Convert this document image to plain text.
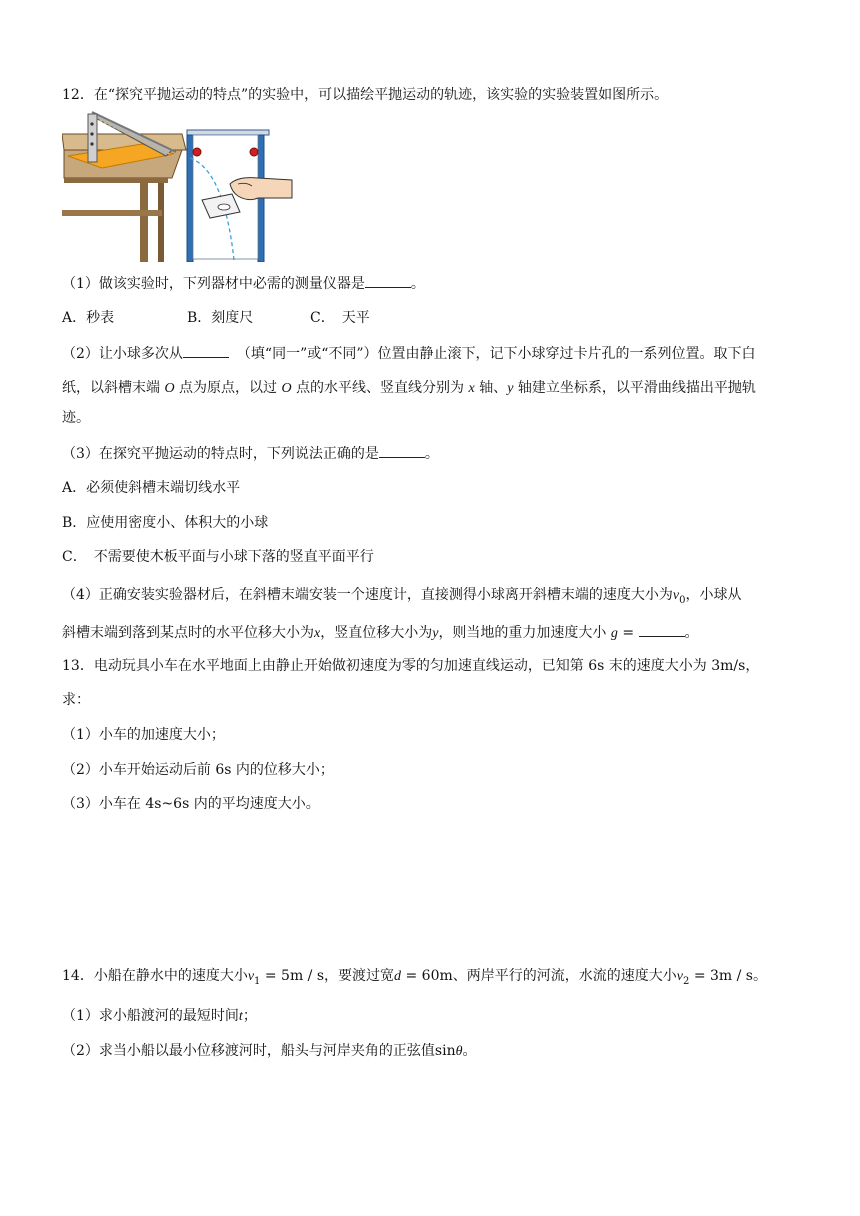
12．在“探究平抛运动的特点”的实验中，可以描绘平抛运动的轨迹，该实验的实验装置如图所示。
（1）做该实验时，下列器材中必需的测量仪器是	。
A．秒表	B．刻度尺	C．　天平
（2）让小球多次从	（填“同一”或“不同”）位置由静止滚下，记下小球穿过卡片孔的一系列位置。取下白
纸，以斜槽末端 O 点为原点，以过 O 点的水平线、竖直线分别为 x 轴、y 轴建立坐标系，以平滑曲线描出平抛轨
迹。
（3）在探究平抛运动的特点时，下列说法正确的是	。
A．必须使斜槽末端切线水平
B．应使用密度小、体积大的小球
C．　不需要使木板平面与小球下落的竖直平面平行
（4）正确安装实验器材后，在斜槽末端安装一个速度计，直接测得小球离开斜槽末端的速度大小为$v_0$，小球从
斜槽末端到落到某点时的水平位移大小为x，竖直位移大小为y，则当地的重力加速度大小 g =	。
13．电动玩具小车在水平地面上由静止开始做初速度为零的匀加速直线运动，已知第 6s 末的速度大小为 3m/s，
求：
（1）小车的加速度大小；
（2）小车开始运动后前 6s 内的位移大小；
（3）小车在 4s~6s 内的平均速度大小。
14．小船在静水中的速度大小$v_1 = 5m / s$，要渡过宽d = 60m、两岸平行的河流，水流的速度大小$v_2 = 3m / s$。
（1）求小船渡河的最短时间t；
（2）求当小船以最小位移渡河时，船头与河岸夹角的正弦值sinθ。
